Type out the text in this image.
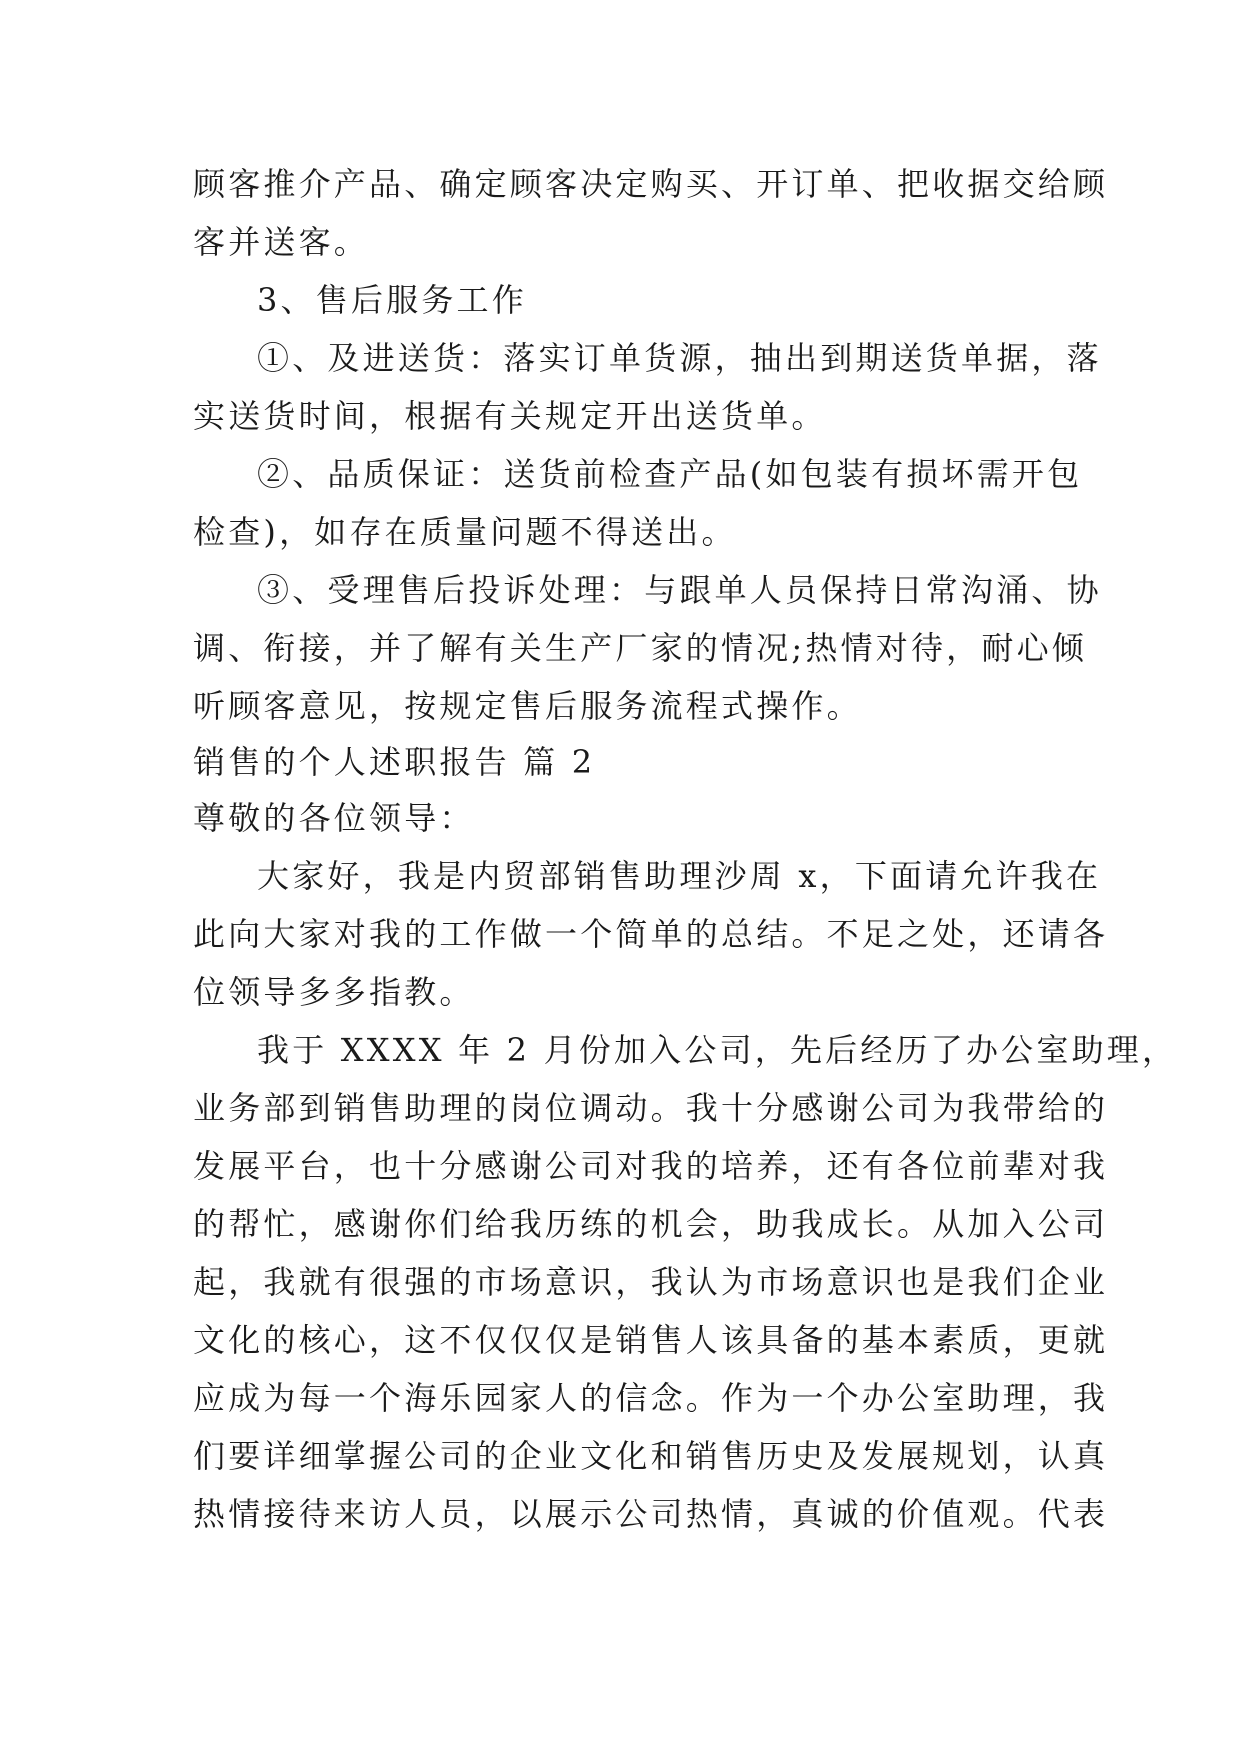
顾客推介产品、确定顾客决定购买、开订单、把收据交给顾
客并送客。
3、售后服务工作
①、及进送货：落实订单货源，抽出到期送货单据，落
实送货时间，根据有关规定开出送货单。
②、品质保证：送货前检查产品(如包装有损坏需开包
检查)，如存在质量问题不得送出。
③、受理售后投诉处理：与跟单人员保持日常沟涌、协
调、衔接，并了解有关生产厂家的情况;热情对待，耐心倾
听顾客意见，按规定售后服务流程式操作。
销售的个人述职报告 篇 2
尊敬的各位领导：
大家好，我是内贸部销售助理沙周 x，下面请允许我在
此向大家对我的工作做一个简单的总结。不足之处，还请各
位领导多多指教。
我于 XXXX 年 2 月份加入公司，先后经历了办公室助理，
业务部到销售助理的岗位调动。我十分感谢公司为我带给的
发展平台，也十分感谢公司对我的培养，还有各位前辈对我
的帮忙，感谢你们给我历练的机会，助我成长。从加入公司
起，我就有很强的市场意识，我认为市场意识也是我们企业
文化的核心，这不仅仅仅是销售人该具备的基本素质，更就
应成为每一个海乐园家人的信念。作为一个办公室助理，我
们要详细掌握公司的企业文化和销售历史及发展规划，认真
热情接待来访人员，以展示公司热情，真诚的价值观。代表
